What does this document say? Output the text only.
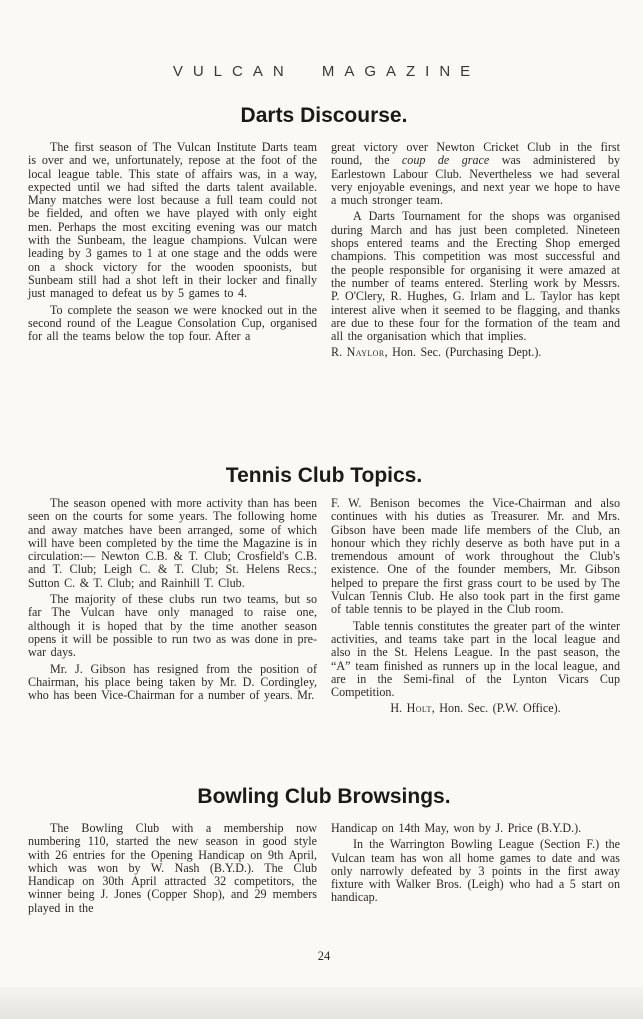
VULCAN MAGAZINE
Darts Discourse.

The first season of The Vulcan Institute Darts team is over and we, unfortunately, repose at the foot of the local league table. This state of affairs was, in a way, expected until we had sifted the darts talent available. Many matches were lost because a full team could not be fielded, and often we have played with only eight men. Perhaps the most exciting evening was our match with the Sunbeam, the league champions. Vulcan were leading by 3 games to 1 at one stage and the odds were on a shock victory for the wooden spoonists, but Sunbeam still had a shot left in their locker and finally just managed to defeat us by 5 games to 4.

To complete the season we were knocked out in the second round of the League Consolation Cup, organised for all the teams below the top four. After a

great victory over Newton Cricket Club in the first round, the coup de grace was administered by Earlestown Labour Club. Nevertheless we had several very enjoyable evenings, and next year we hope to have a much stronger team.

A Darts Tournament for the shops was organised during March and has just been completed. Nineteen shops entered teams and the Erecting Shop emerged champions. This competition was most successful and the people responsible for organising it were amazed at the number of teams entered. Sterling work by Messrs. P. O'Clery, R. Hughes, G. Irlam and L. Taylor has kept interest alive when it seemed to be flagging, and thanks are due to these four for the formation of the team and all the organisation which that implies.

R. Naylor, Hon. Sec. (Purchasing Dept.).

Tennis Club Topics.

The season opened with more activity than has been seen on the courts for some years. The following home and away matches have been arranged, some of which will have been completed by the time the Magazine is in circulation:— Newton C.B. & T. Club; Crosfield's C.B. and T. Club; Leigh C. & T. Club; St. Helens Recs.; Sutton C. & T. Club; and Rainhill T. Club.

The majority of these clubs run two teams, but so far The Vulcan have only managed to raise one, although it is hoped that by the time another season opens it will be possible to run two as was done in pre-war days.

Mr. J. Gibson has resigned from the position of Chairman, his place being taken by Mr. D. Cordingley, who has been Vice-Chairman for a number of years. Mr.

F. W. Benison becomes the Vice-Chairman and also continues with his duties as Treasurer. Mr. and Mrs. Gibson have been made life members of the Club, an honour which they richly deserve as both have put in a tremendous amount of work throughout the Club's existence. One of the founder members, Mr. Gibson helped to prepare the first grass court to be used by The Vulcan Tennis Club. He also took part in the first game of table tennis to be played in the Club room.

Table tennis constitutes the greater part of the winter activities, and teams take part in the local league and also in the St. Helens League. In the past season, the “A” team finished as runners up in the local league, and are in the Semi-final of the Lynton Vicars Cup Competition.

H. Holt, Hon. Sec. (P.W. Office).

Bowling Club Browsings.

The Bowling Club with a membership now numbering 110, started the new season in good style with 26 entries for the Opening Handicap on 9th April, which was won by W. Nash (B.Y.D.). The Club Handicap on 30th April attracted 32 competitors, the winner being J. Jones (Copper Shop), and 29 members played in the

Handicap on 14th May, won by J. Price (B.Y.D.).

In the Warrington Bowling League (Section F.) the Vulcan team has won all home games to date and was only narrowly defeated by 3 points in the first away fixture with Walker Bros. (Leigh) who had a 5 start on handicap.

24
